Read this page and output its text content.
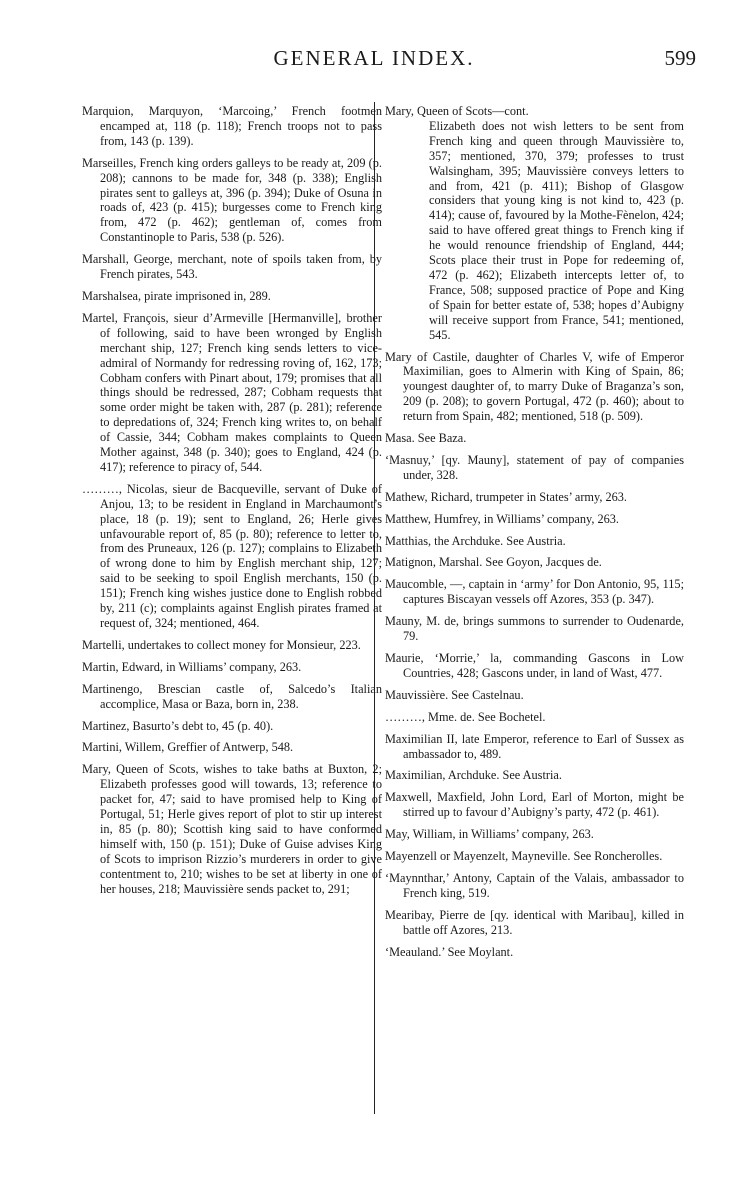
GENERAL INDEX.	599

Marquion, Marquyon, ‘Marcoing,’ French footmen encamped at, 118 (p. 118); French troops not to pass from, 143 (p. 139).

Marseilles, French king orders galleys to be ready at, 209 (p. 208); cannons to be made for, 348 (p. 338); English pirates sent to galleys at, 396 (p. 394); Duke of Osuna in roads of, 423 (p. 415); burgesses come to French king from, 472 (p. 462); gentleman of, comes from Constantinople to Paris, 538 (p. 526).

Marshall, George, merchant, note of spoils taken from, by French pirates, 543.

Marshalsea, pirate imprisoned in, 289.

Martel, François, sieur d’Armeville [Hermanville], brother of following, said to have been wronged by English merchant ship, 127; French king sends letters to vice-admiral of Normandy for redressing roving of, 162, 173; Cobham confers with Pinart about, 179; promises that all things should be redressed, 287; Cobham requests that some order might be taken with, 287 (p. 281); reference to depredations of, 324; French king writes to, on behalf of Cassie, 344; Cobham makes complaints to Queen Mother against, 348 (p. 340); goes to England, 424 (p. 417); reference to piracy of, 544.

………, Nicolas, sieur de Bacqueville, servant of Duke of Anjou, 13; to be resident in England in Marchaumont’s place, 18 (p. 19); sent to England, 26; Herle gives unfavourable report of, 85 (p. 80); reference to letter to, from des Pruneaux, 126 (p. 127); complains to Elizabeth of wrong done to him by English merchant ship, 127; said to be seeking to spoil English merchants, 150 (p. 151); French king wishes justice done to English robbed by, 211 (c); complaints against English pirates framed at request of, 324; mentioned, 464.

Martelli, undertakes to collect money for Monsieur, 223.

Martin, Edward, in Williams’ company, 263.

Martinengo, Brescian castle of, Salcedo’s Italian accomplice, Masa or Baza, born in, 238.

Martinez, Basurto’s debt to, 45 (p. 40).

Martini, Willem, Greffier of Antwerp, 548.

Mary, Queen of Scots, wishes to take baths at Buxton, 2; Elizabeth professes good will towards, 13; reference to packet for, 47; said to have promised help to King of Portugal, 51; Herle gives report of plot to stir up interest in, 85 (p. 80); Scottish king said to have conformed himself with, 150 (p. 151); Duke of Guise advises King of Scots to imprison Rizzio’s murderers in order to give contentment to, 210; wishes to be set at liberty in one of her houses, 218; Mauvissière sends packet to, 291;

Mary, Queen of Scots—cont.

Elizabeth does not wish letters to be sent from French king and queen through Mauvissière to, 357; mentioned, 370, 379; professes to trust Walsingham, 395; Mauvissière conveys letters to and from, 421 (p. 411); Bishop of Glasgow considers that young king is not kind to, 423 (p. 414); cause of, favoured by la Mothe-Fènelon, 424; said to have offered great things to French king if he would renounce friendship of England, 444; Scots place their trust in Pope for redeeming of, 472 (p. 462); Elizabeth intercepts letter of, to France, 508; supposed practice of Pope and King of Spain for better estate of, 538; hopes d’Aubigny will receive support from France, 541; mentioned, 545.

Mary of Castile, daughter of Charles V, wife of Emperor Maximilian, goes to Almerin with King of Spain, 86; youngest daughter of, to marry Duke of Braganza’s son, 209 (p. 208); to govern Portugal, 472 (p. 460); about to return from Spain, 482; mentioned, 518 (p. 509).

Masa. See Baza.

‘Masnuy,’ [qy. Mauny], statement of pay of companies under, 328.

Mathew, Richard, trumpeter in States’ army, 263.

Matthew, Humfrey, in Williams’ company, 263.

Matthias, the Archduke. See Austria.

Matignon, Marshal. See Goyon, Jacques de.

Maucomble, —, captain in ‘army’ for Don Antonio, 95, 115; captures Biscayan vessels off Azores, 353 (p. 347).

Mauny, M. de, brings summons to surrender to Oudenarde, 79.

Maurie, ‘Morrie,’ la, commanding Gascons in Low Countries, 428; Gascons under, in land of Wast, 477.

Mauvissière. See Castelnau.

………, Mme. de. See Bochetel.

Maximilian II, late Emperor, reference to Earl of Sussex as ambassador to, 489.

Maximilian, Archduke. See Austria.

Maxwell, Maxfield, John Lord, Earl of Morton, might be stirred up to favour d’Aubigny’s party, 472 (p. 461).

May, William, in Williams’ company, 263.

Mayenzell or Mayenzelt, Mayneville. See Roncherolles.

‘Maynnthar,’ Antony, Captain of the Valais, ambassador to French king, 519.

Mearibay, Pierre de [qy. identical with Maribau], killed in battle off Azores, 213.

‘Meauland.’ See Moylant.
